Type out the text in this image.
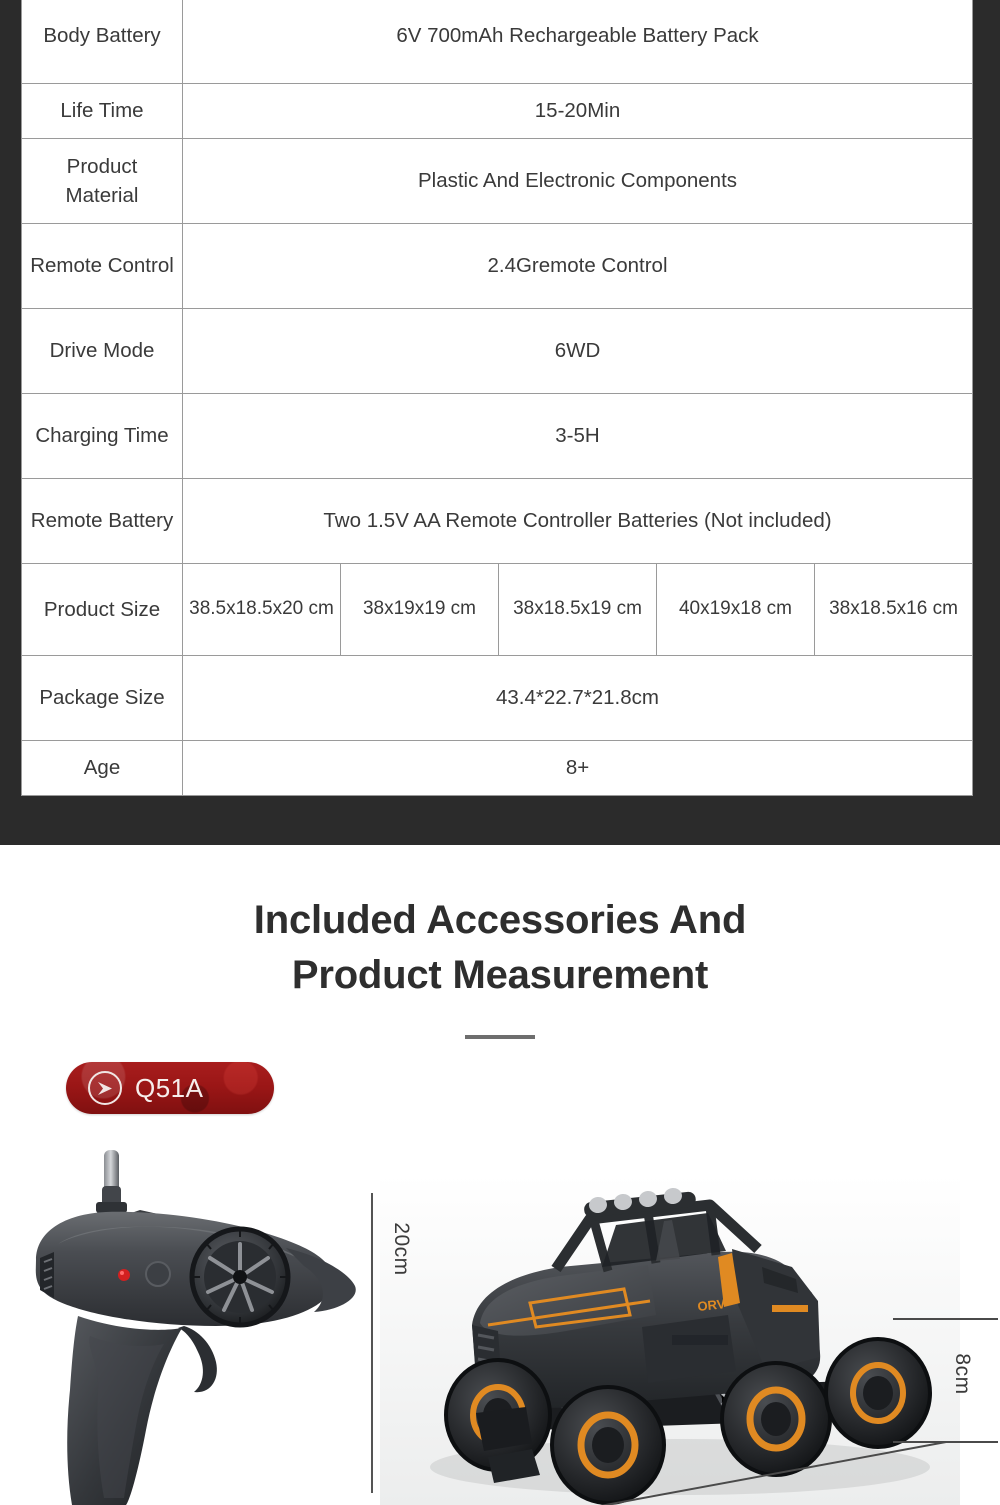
Body Battery	6V 700mAh Rechargeable Battery Pack				
Life Time	15-20Min				
Product Material	Plastic And Electronic Components				
Remote Control	2.4Gremote Control				
Drive Mode	6WD				
Charging Time	3-5H				
Remote Battery	Two 1.5V AA Remote Controller Batteries (Not included)				
Product Size	38.5x18.5x20 cm	38x19x19 cm	38x18.5x19 cm	40x19x18 cm	38x18.5x16 cm
Package Size	43.4*22.7*21.8cm				
Age	8+				
Included Accessories And
Product Measurement
Q51A
ORV
20cm
8cm
